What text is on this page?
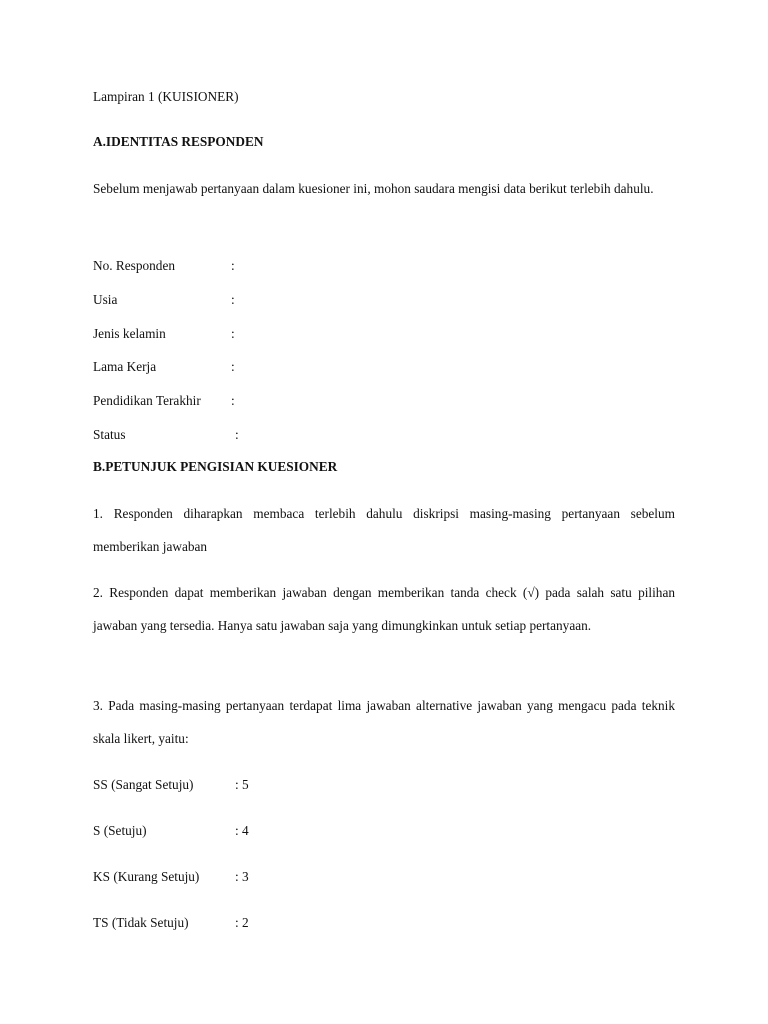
Lampiran 1 (KUISIONER)
A.IDENTITAS RESPONDEN
Sebelum menjawab pertanyaan dalam kuesioner ini, mohon saudara mengisi data berikut terlebih dahulu.
No. Responden	:
Usia	:
Jenis kelamin	:
Lama Kerja	:
Pendidikan Terakhir :
Status	:
B.PETUNJUK PENGISIAN KUESIONER
1. Responden diharapkan membaca terlebih dahulu diskripsi masing-masing pertanyaan sebelum memberikan jawaban
2. Responden dapat memberikan jawaban dengan memberikan tanda check (√) pada salah satu pilihan jawaban yang tersedia. Hanya satu jawaban saja yang dimungkinkan untuk setiap pertanyaan.
3. Pada masing-masing pertanyaan terdapat lima jawaban alternative jawaban yang mengacu pada teknik skala likert, yaitu:
SS (Sangat Setuju)	: 5
S (Setuju)	: 4
KS (Kurang Setuju)	: 3
TS (Tidak Setuju)	: 2
